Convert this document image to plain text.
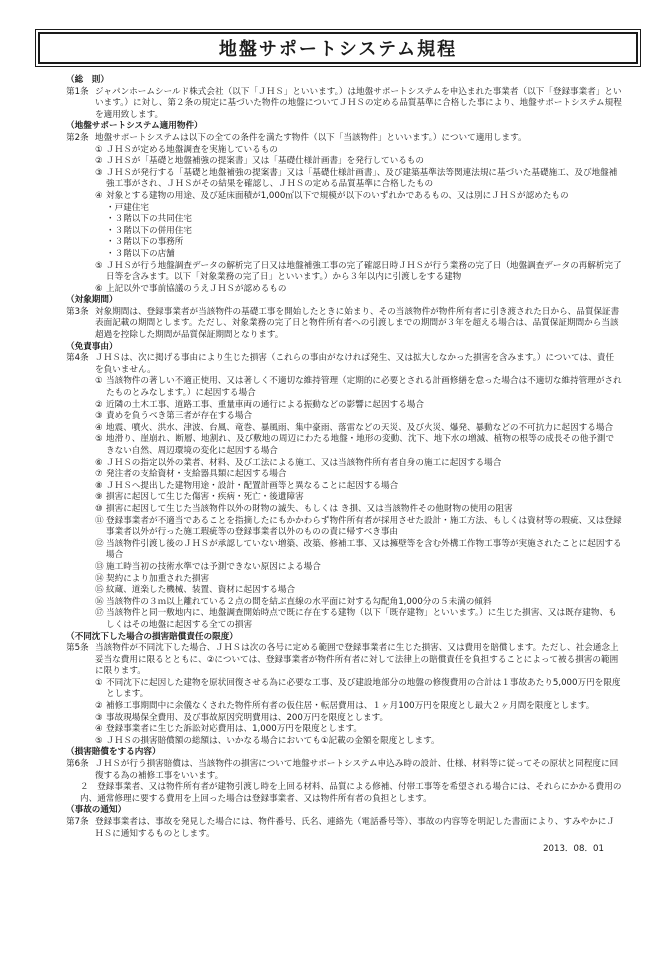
地盤サポートシステム規程
（総　則）
第1条 ジャパンホームシールド株式会社（以下「ＪＨＳ」といいます。）は地盤サポートシステムを申込まれた事業者（以下「登録事業者」といいます。）に対し、第２条の規定に基づいた物件の地盤についてＪＨＳの定める品質基準に合格した事により、地盤サポートシステム規程を適用致します。

（地盤サポートシステム適用物件）
第2条 地盤サポートシステムは以下の全ての条件を満たす物件（以下「当該物件」といいます。）について適用します。

① ＪＨＳが定める地盤調査を実施しているもの
② ＪＨＳが「基礎と地盤補強の提案書」又は「基礎仕様計画書」を発行しているもの
③ ＪＨＳが発行する「基礎と地盤補強の提案書」又は「基礎仕様計画書」、及び建築基準法等関連法規に基づいた基礎施工、及び地盤補強工事がされ、ＪＨＳがその結果を確認し、ＪＨＳの定める品質基準に合格したもの
④ 対象とする建物の用途、及び延床面積が1,000㎡以下で規模が以下のいずれかであるもの、又は別にＪＨＳが認めたもの
・戸建住宅
・３階以下の共同住宅
・３階以下の併用住宅
・３階以下の事務所
・３階以下の店舗
⑤ ＪＨＳが行う地盤調査データの解析完了日又は地盤補強工事の完了確認日時ＪＨＳが行う業務の完了日（地盤調査データの再解析完了日等を含みます。以下「対象業務の完了日」といいます。）から３年以内に引渡しをする建物
⑥ 上記以外で事前協議のうえＪＨＳが認めるもの
（対象期間）
第3条 対象期間は、登録事業者が当該物件の基礎工事を開始したときに始まり、その当該物件が物件所有者に引き渡された日から、品質保証書表面記載の期間とします。ただし、対象業務の完了日と物件所有者への引渡しまでの期間が３年を超える場合は、品質保証期間から当該超過を控除した期間が品質保証期間となります。

（免責事由）
第4条 ＪＨＳは、次に掲げる事由により生じた損害（これらの事由がなければ発生、又は拡大しなかった損害を含みます。）については、責任を負いません。

① 当該物件の著しい不適正使用、又は著しく不適切な維持管理（定期的に必要とされる計画修繕を怠った場合は不適切な維持管理がされたものとみなします。）に起因する場合
② 近隣の土木工事、道路工事、重量車両の通行による振動などの影響に起因する場合
③ 責めを負うべき第三者が存在する場合
④ 地震、噴火、洪水、津波、台風、竜巻、暴風雨、集中豪雨、落雷などの天災、及び火災、爆発、暴動などの不可抗力に起因する場合
⑤ 地滑り、崖崩れ、断層、地割れ、及び敷地の周辺にわたる地盤・地形の変動、沈下、地下水の増減、植物の根等の成長その他予測できない自然、周辺環境の変化に起因する場合
⑥ ＪＨＳの指定以外の業者、材料、及び工法による施工、又は当該物件所有者自身の施工に起因する場合
⑦ 発注者の支給資材・支給器具類に起因する場合
⑧ ＪＨＳへ提出した建物用途・設計・配置計画等と異なることに起因する場合
⑨ 損害に起因して生じた傷害・疾病・死亡・後遺障害
⑩ 損害に起因して生じた当該物件以外の財物の滅失、もしくは き損、又は当該物件その他財物の使用の阻害
⑪ 登録事業者が不適当であることを指摘したにもかかわらず物件所有者が採用させた設計・施工方法、もしくは資材等の瑕疵、又は登録事業者以外が行った施工瑕疵等の登録事業者以外のものの責に帰すべき事由
⑫ 当該物件引渡し後のＪＨＳが承認していない増築、改築、修補工事、又は擁壁等を含む外構工作物工事等が実施されたことに起因する場合
⑬ 施工時当初の技術水準では予測できない原因による場合
⑭ 契約により加重された損害
⑮ 紋蔵、道楽した機械、装置、資材に起因する場合
⑯ 当該物件の３ｍ以上離れている２点の間を結ぶ直線の水平面に対する勾配角1,000分の５未満の傾斜
⑰ 当該物件と同一敷地内に、地盤調査開始時点で既に存在する建物（以下「既存建物」といいます。）に生じた損害、又は既存建物、もしくはその地盤に起因する全ての損害
（不同沈下した場合の損害賠償責任の限度）
第5条 当該物件が不同沈下した場合、ＪＨＳは次の各号に定める範囲で登録事業者に生じた損害、又は費用を賠償します。ただし、社会通念上妥当な費用に限るとともに、②については、登録事業者が物件所有者に対して法律上の賠償責任を負担することによって被る損害の範囲に限ります。

① 不同沈下に起因した建物を原状回復させる為に必要な工事、及び建設地部分の地盤の修復費用の合計は１事故あたり5,000万円を限度とします。
② 補修工事期間中に余儀なくされた物件所有者の仮住居・転居費用は、１ヶ月100万円を限度とし最大２ヶ月間を限度とします。
③ 事故現場保全費用、及び事故原因究明費用は、200万円を限度とします。
④ 登録事業者に生じた訴訟対応費用は、1,000万円を限度とします。
⑤ ＪＨＳの損害賠償額の総額は、いかなる場合においても①記載の金額を限度とします。
（損害賠償をする内容）
第6条 ＪＨＳが行う損害賠償は、当該物件の損害について地盤サポートシステム申込み時の設計、仕様、材料等に従ってその原状と同程度に回復する為の補修工事をいいます。

２　登録事業者、又は物件所有者が建物引渡し時を上回る材料、品質による修補、付帯工事等を希望される場合には、それらにかかる費用の内、通常修理に要する費用を上回った場合は登録事業者、又は物件所有者の負担とします。
（事故の通知）
第7条 登録事業者は、事故を発見した場合には、物件番号、氏名、連絡先（電話番号等）、事故の内容等を明記した書面により、すみやかにＪＨＳに通知するものとします。

2013．08．01
